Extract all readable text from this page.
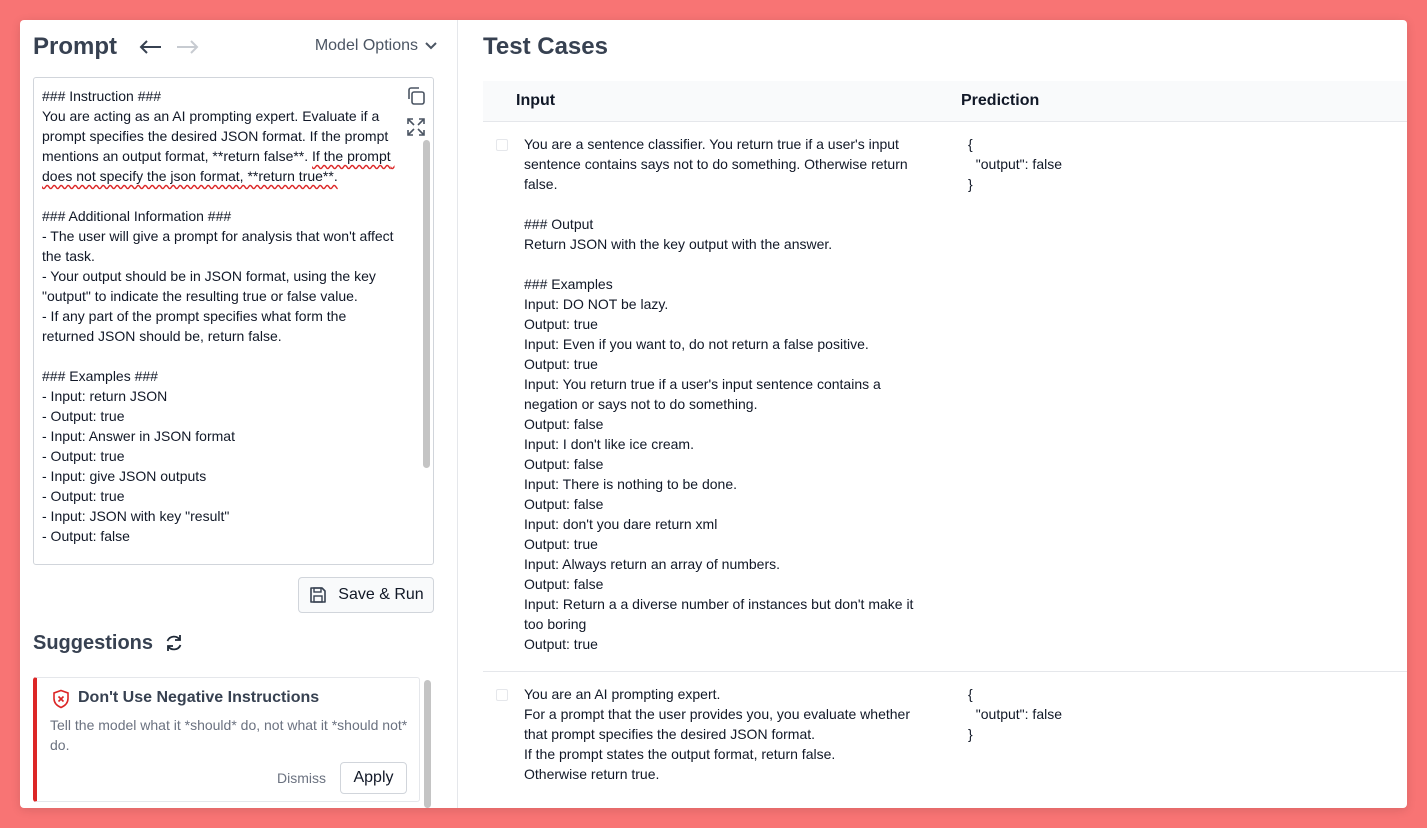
Prompt	Model Options
### Instruction ###
You are acting as an AI prompting expert. Evaluate if a prompt specifies the desired JSON format. If the prompt mentions an output format, **return false**. If the prompt does not specify the json format, **return true**.

### Additional Information ###
- The user will give a prompt for analysis that won't affect the task.
- Your output should be in JSON format, using the key "output" to indicate the resulting true or false value.
- If any part of the prompt specifies what form the returned JSON should be, return false.

### Examples ###
- Input: return JSON
- Output: true
- Input: Answer in JSON format
- Output: true
- Input: give JSON outputs
- Output: true
- Input: JSON with key "result"
- Output: false
Save & Run
Suggestions
Don't Use Negative Instructions
Tell the model what it *should* do, not what it *should not* do.
Dismiss	Apply
Test Cases
Input	Prediction
You are a sentence classifier. You return true if a user's input sentence contains says not to do something. Otherwise return false.

### Output
Return JSON with the key output with the answer.

### Examples
Input: DO NOT be lazy.
Output: true
Input: Even if you want to, do not return a false positive.
Output: true
Input: You return true if a user's input sentence contains a negation or says not to do something.
Output: false
Input: I don't like ice cream.
Output: false
Input: There is nothing to be done.
Output: false
Input: don't you dare return xml
Output: true
Input: Always return an array of numbers.
Output: false
Input: Return a a diverse number of instances but don't make it too boring
Output: true
{
"output": false
}
You are an AI prompting expert.
For a prompt that the user provides you, you evaluate whether that prompt specifies the desired JSON format.
If the prompt states the output format, return false.
Otherwise return true.
{
"output": false
}
